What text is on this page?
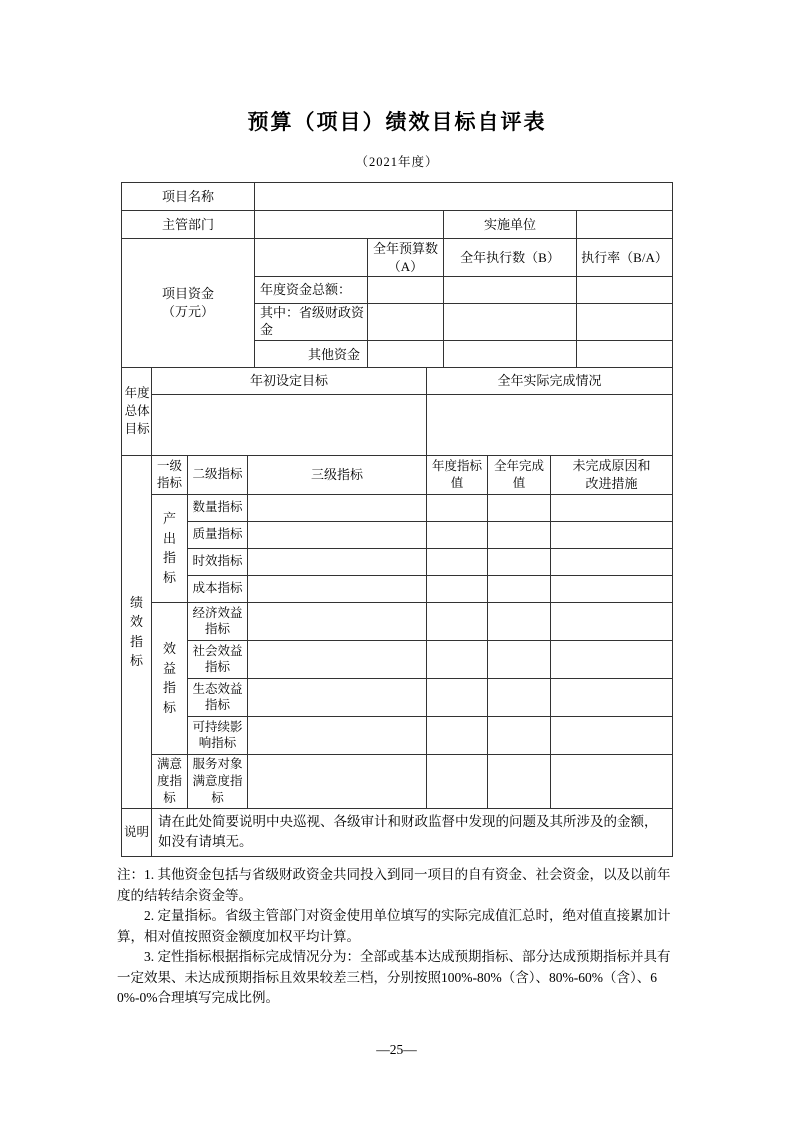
预算（项目）绩效目标自评表
（2021年度）
项目名称				
主管部门			实施单位	
项目资金（万元）		全年预算数（A）	全年执行数（B）	执行率（B/A）
	年度资金总额：			
	其中：省级财政资金			
	其他资金			
年度总体目标	年初设定目标	全年实际完成情况

绩效指标	一级指标	二级指标	三级指标	年度指标值	全年完成值	未完成原因和改进措施

	产出指标	数量指标				
		质量指标				
		时效指标				
		成本指标				

	效益指标	经济效益指标				
		社会效益指标				
		生态效益指标				
		可持续影响指标				
	满意度指标	服务对象满意度指标				
说明	请在此处简要说明中央巡视、各级审计和财政监督中发现的问题及其所涉及的金额，如没有请填无。

注：1. 其他资金包括与省级财政资金共同投入到同一项目的自有资金、社会资金，以及以前年度的结转结余资金等。

2. 定量指标。省级主管部门对资金使用单位填写的实际完成值汇总时，绝对值直接累加计算，相对值按照资金额度加权平均计算。

3. 定性指标根据指标完成情况分为：全部或基本达成预期指标、部分达成预期指标并具有一定效果、未达成预期指标且效果较差三档，分别按照100%-80%（含）、80%-60%（含）、60%-0%合理填写完成比例。

—25—
